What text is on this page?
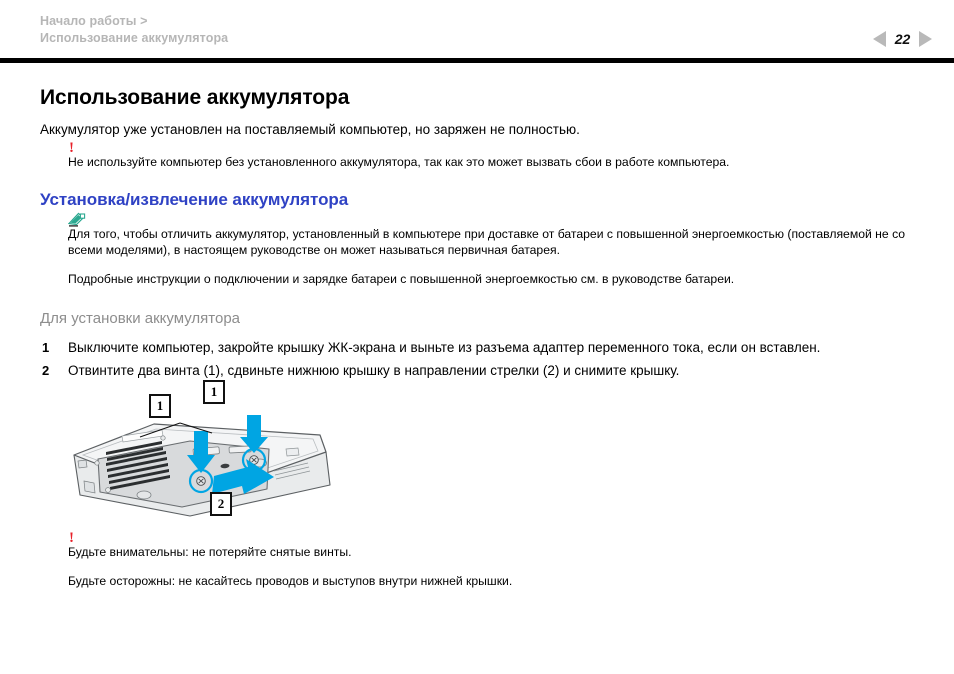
Начало работы >
Использование аккумулятора	22
Использование аккумулятора

Аккумулятор уже установлен на поставляемый компьютер, но заряжен не полностью.

!

Не используйте компьютер без установленного аккумулятора, так как это может вызвать сбои в работе компьютера.

Установка/извлечение аккумулятора

Для того, чтобы отличить аккумулятор, установленный в компьютере при доставке от батареи с повышенной энергоемкостью (поставляемой не со всеми моделями), в настоящем руководстве он может называться первичная батарея.

Подробные инструкции о подключении и зарядке батареи с повышенной энергоемкостью см. в руководстве батареи.

Для установки аккумулятора
1 Выключите компьютер, закройте крышку ЖК-экрана и выньте из разъема адаптер переменного тока, если он вставлен.
2 Отвинтите два винта (1), сдвиньте нижнюю крышку в направлении стрелки (2) и снимите крышку.
1
1
2
!

Будьте внимательны: не потеряйте снятые винты.

Будьте осторожны: не касайтесь проводов и выступов внутри нижней крышки.
